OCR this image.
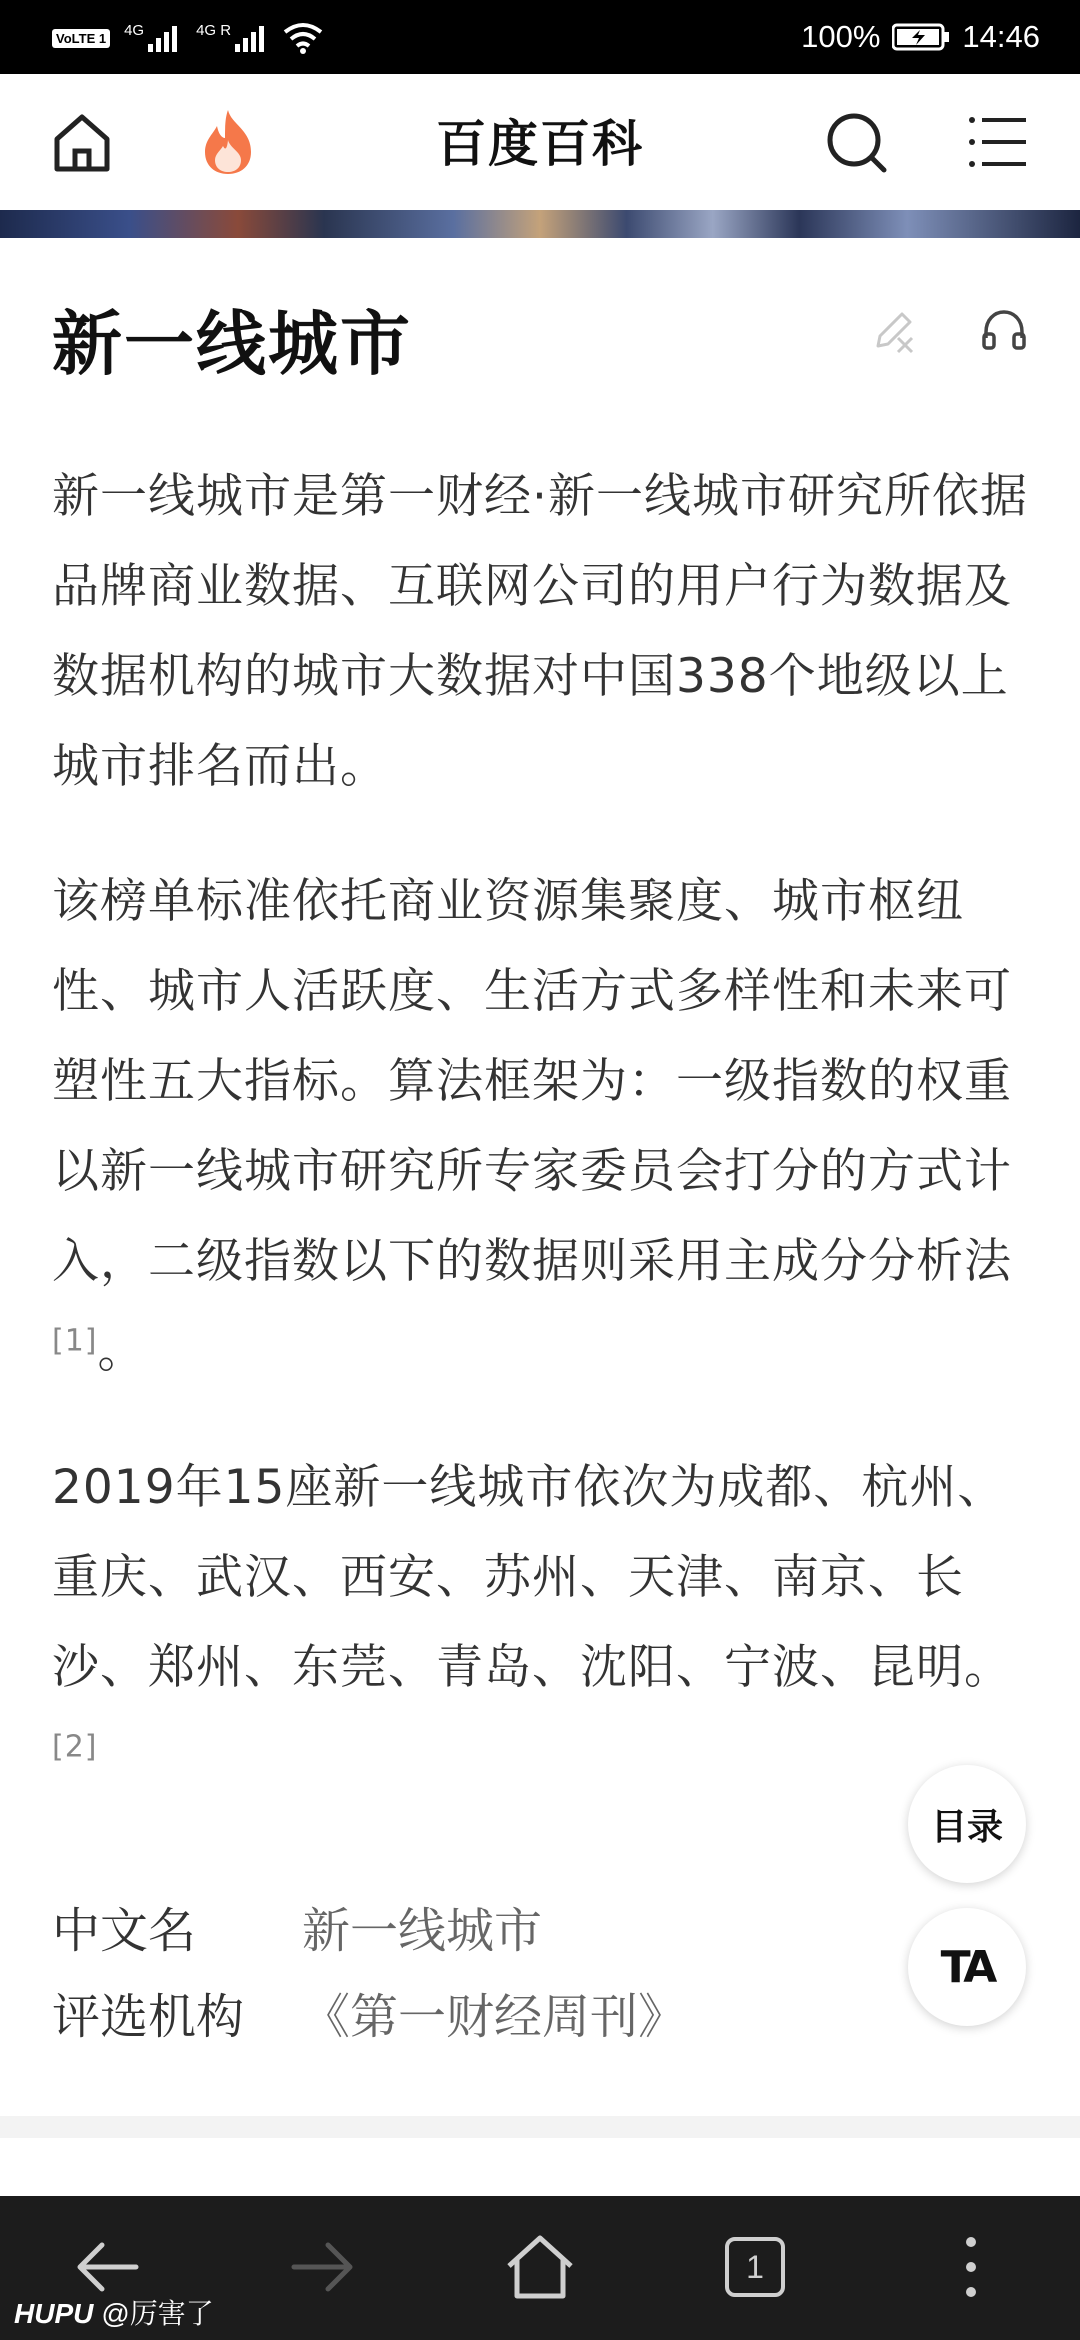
VoLTE 1 4G	4G R	100%	14:46
百度百科
新一线城市

新一线城市是第一财经·新一线城市研究所依据品牌商业数据、互联网公司的用户行为数据及数据机构的城市大数据对中国338个地级以上城市排名而出。

该榜单标准依托商业资源集聚度、城市枢纽性、城市人活跃度、生活方式多样性和未来可塑性五大指标。算法框架为：一级指数的权重以新一线城市研究所专家委员会打分的方式计入，二级指数以下的数据则采用主成分分析法[1]。

2019年15座新一线城市依次为成都、杭州、重庆、武汉、西安、苏州、天津、南京、长沙、郑州、东莞、青岛、沈阳、宁波、昆明。 [2]

中文名	新一线城市
评选机构	《第一财经周刊》
目录
TA
1
HUPU @厉害了
